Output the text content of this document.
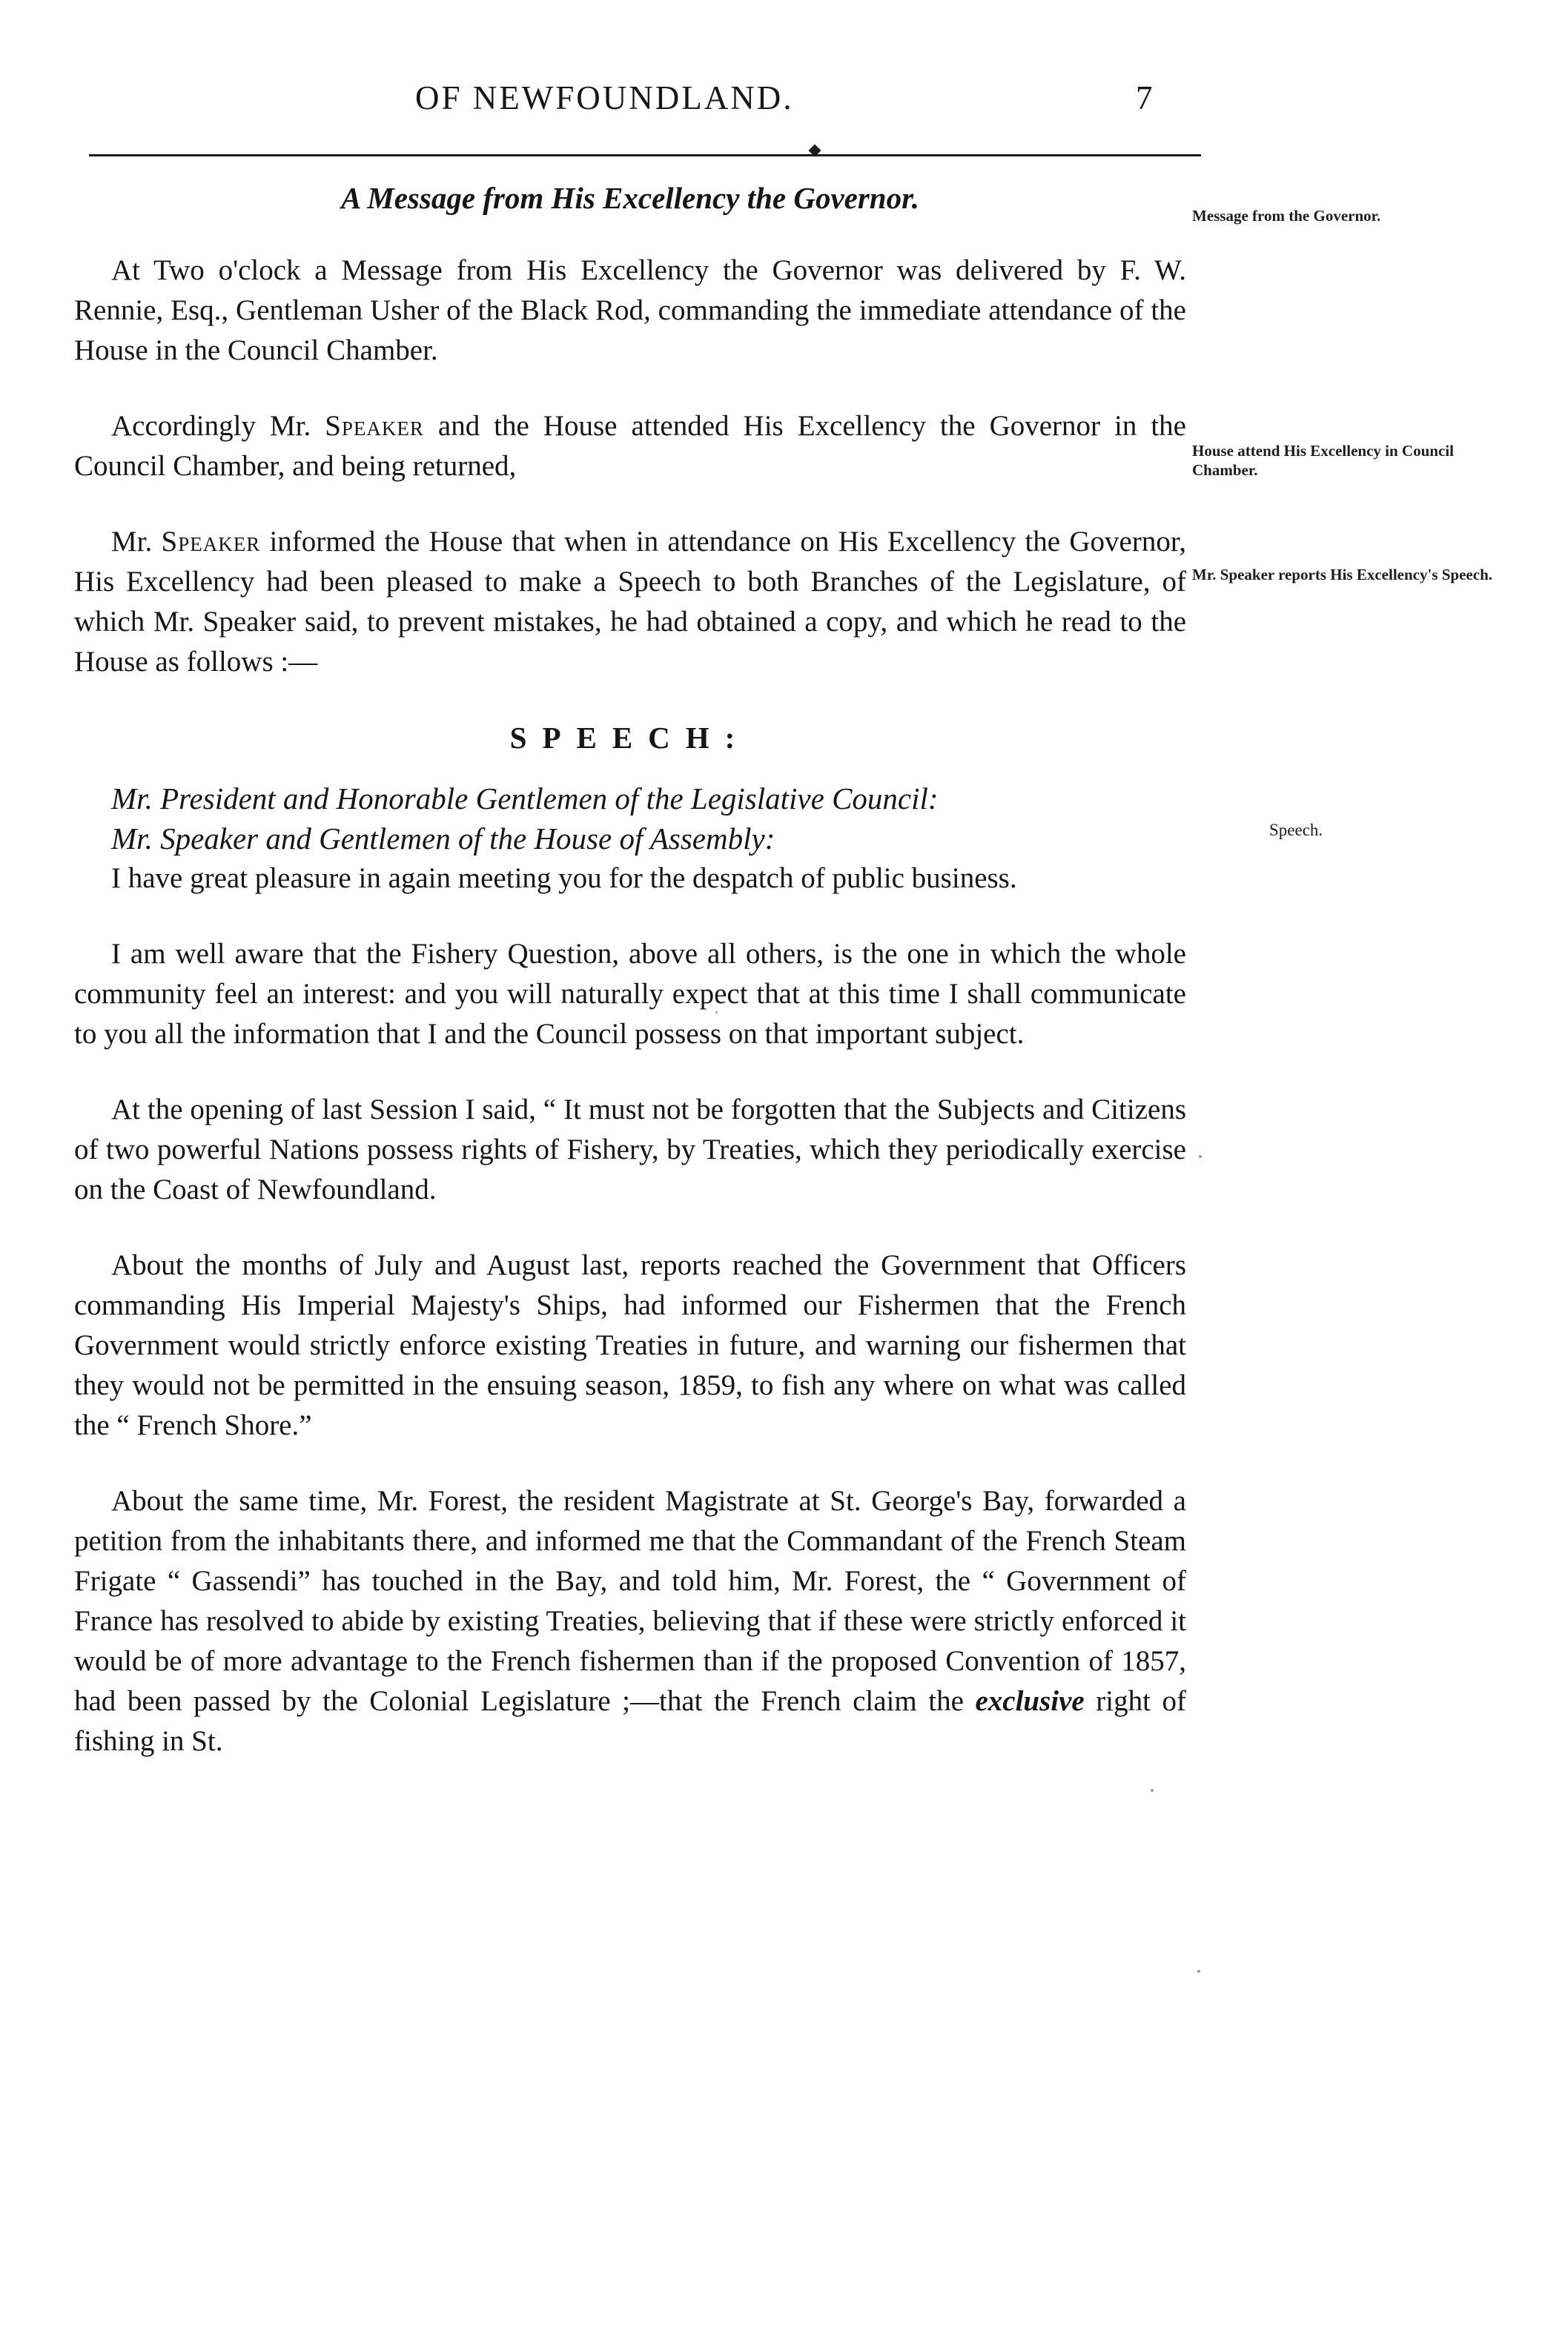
OF NEWFOUNDLAND.	7
A Message from His Excellency the Governor.

At Two o'clock a Message from His Excellency the Governor was delivered by F. W. Rennie, Esq., Gentleman Usher of the Black Rod, commanding the immediate attendance of the House in the Council Chamber.

Accordingly Mr. Speaker and the House attended His Excellency the Governor in the Council Chamber, and being returned,

Mr. Speaker informed the House that when in attendance on His Excellency the Governor, His Excellency had been pleased to make a Speech to both Branches of the Legislature, of which Mr. Speaker said, to prevent mistakes, he had obtained a copy, and which he read to the House as follows :—

SPEECH:

Mr. President and Honorable Gentlemen of the Legislative Council:

Mr. Speaker and Gentlemen of the House of Assembly:

I have great pleasure in again meeting you for the despatch of public business.

I am well aware that the Fishery Question, above all others, is the one in which the whole community feel an interest: and you will naturally expect that at this time I shall communicate to you all the information that I and the Council possess on that important subject.

At the opening of last Session I said, “ It must not be forgotten that the Subjects and Citizens of two powerful Nations possess rights of Fishery, by Treaties, which they periodically exercise on the Coast of Newfoundland.

About the months of July and August last, reports reached the Government that Officers commanding His Imperial Majesty's Ships, had informed our Fishermen that the French Government would strictly enforce existing Treaties in future, and warning our fishermen that they would not be permitted in the ensuing season, 1859, to fish any where on what was called the “ French Shore.”

About the same time, Mr. Forest, the resident Magistrate at St. George's Bay, forwarded a petition from the inhabitants there, and informed me that the Commandant of the French Steam Frigate “ Gassendi” has touched in the Bay, and told him, Mr. Forest, the “ Government of France has resolved to abide by existing Treaties, believing that if these were strictly enforced it would be of more advantage to the French fishermen than if the proposed Convention of 1857, had been passed by the Colonial Legislature ;—that the French claim the exclusive right of fishing in St.

Message from the Governor.
House attend His Excellency in Council Chamber.
Mr. Speaker reports His Excellency's Speech.
Speech.
